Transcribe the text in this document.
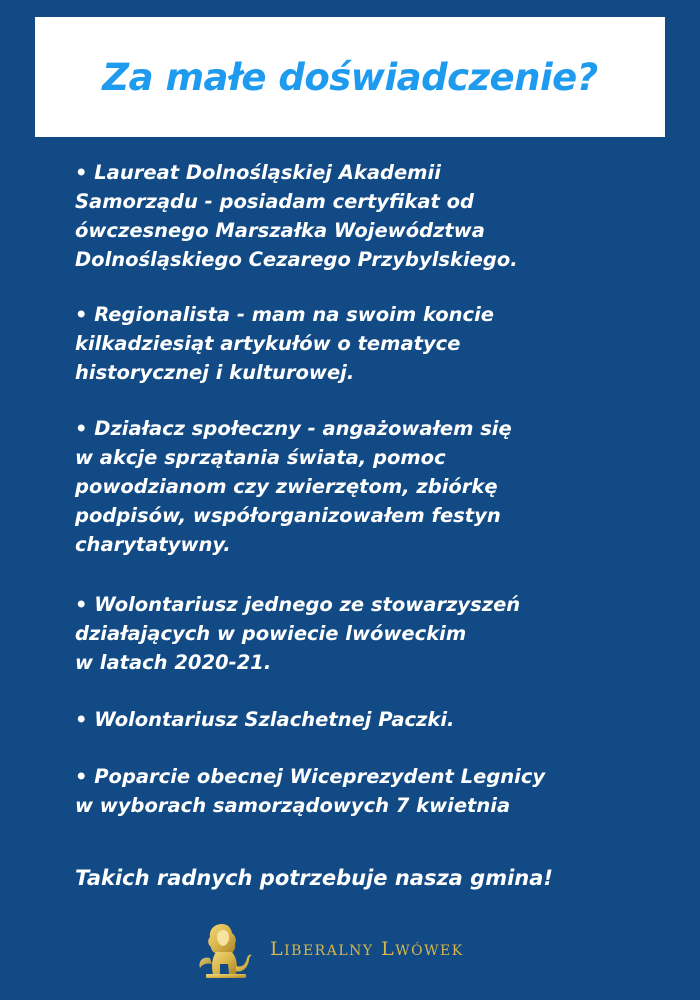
Za małe doświadczenie?

• Laureat Dolnośląskiej Akademii
Samorządu - posiadam certyfikat od
ówczesnego Marszałka Województwa
Dolnośląskiego Cezarego Przybylskiego.

• Regionalista - mam na swoim koncie
kilkadziesiąt artykułów o tematyce
historycznej i kulturowej.

• Działacz społeczny - angażowałem się
w akcje sprzątania świata, pomoc
powodzianom czy zwierzętom, zbiórkę
podpisów, współorganizowałem festyn
charytatywny.

• Wolontariusz jednego ze stowarzyszeń
działających w powiecie lwóweckim
w latach 2020-21.

• Wolontariusz Szlachetnej Paczki.

• Poparcie obecnej Wiceprezydent Legnicy
w wyborach samorządowych 7 kwietnia

Takich radnych potrzebuje nasza gmina!

LIBERALNY LWÓWEK
